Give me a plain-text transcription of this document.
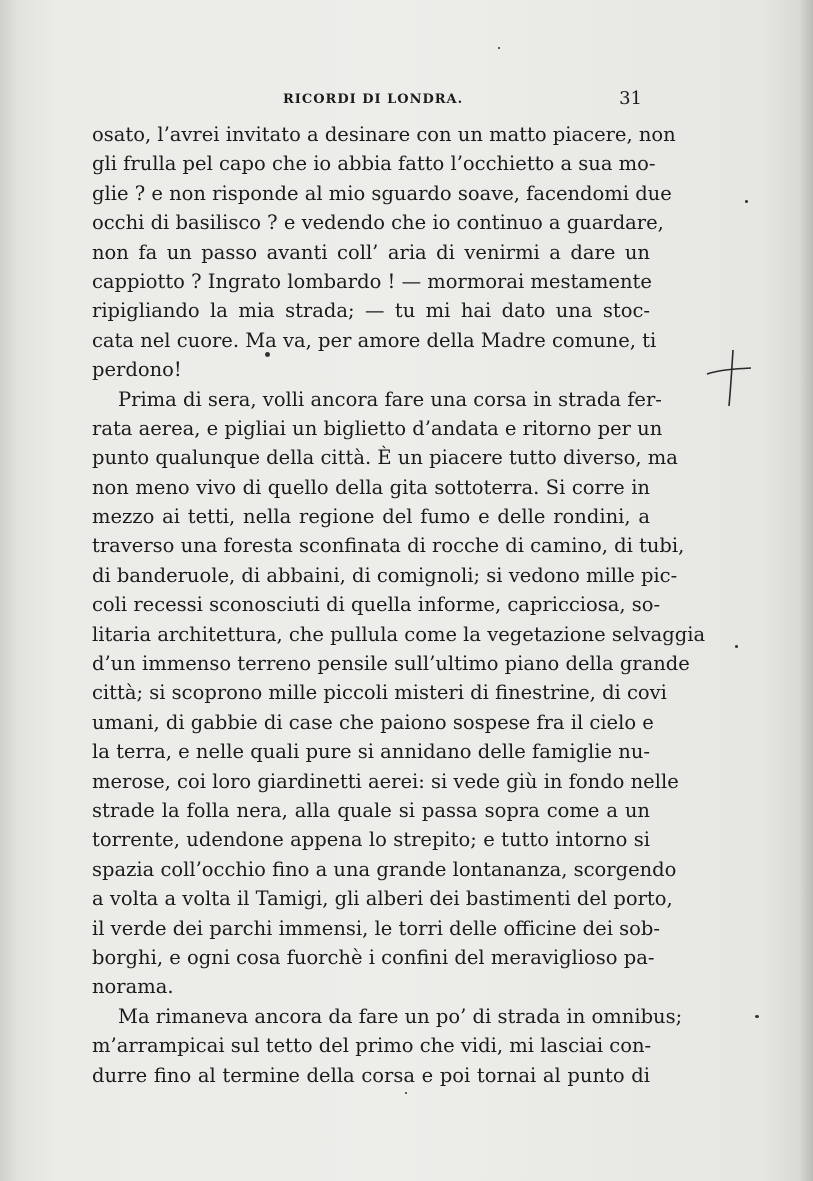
RICORDI DI LONDRA.	31
osato, l’avrei invitato a desinare con un matto piacere, non
gli frulla pel capo che io abbia fatto l’occhietto a sua mo-
glie ? e non risponde al mio sguardo soave, facendomi due
occhi di basilisco ? e vedendo che io continuo a guardare,
non fa un passo avanti coll’ aria di venirmi a dare un
cappiotto ? Ingrato lombardo ! — mormorai mestamente
ripigliando la mia strada; — tu mi hai dato una stoc-
cata nel cuore. Ma va, per amore della Madre comune, ti
perdono!
Prima di sera, volli ancora fare una corsa in strada fer-
rata aerea, e pigliai un biglietto d’andata e ritorno per un
punto qualunque della città. È un piacere tutto diverso, ma
non meno vivo di quello della gita sottoterra. Si corre in
mezzo ai tetti, nella regione del fumo e delle rondini, a
traverso una foresta sconfinata di rocche di camino, di tubi,
di banderuole, di abbaini, di comignoli; si vedono mille pic-
coli recessi sconosciuti di quella informe, capricciosa, so-
litaria architettura, che pullula come la vegetazione selvaggia
d’un immenso terreno pensile sull’ultimo piano della grande
città; si scoprono mille piccoli misteri di finestrine, di covi
umani, di gabbie di case che paiono sospese fra il cielo e
la terra, e nelle quali pure si annidano delle famiglie nu-
merose, coi loro giardinetti aerei: si vede giù in fondo nelle
strade la folla nera, alla quale si passa sopra come a un
torrente, udendone appena lo strepito; e tutto intorno si
spazia coll’occhio fino a una grande lontananza, scorgendo
a volta a volta il Tamigi, gli alberi dei bastimenti del porto,
il verde dei parchi immensi, le torri delle officine dei sob-
borghi, e ogni cosa fuorchè i confini del meraviglioso pa-
norama.
Ma rimaneva ancora da fare un po’ di strada in omnibus;
m’arrampicai sul tetto del primo che vidi, mi lasciai con-
durre fino al termine della corsa e poi tornai al punto di
